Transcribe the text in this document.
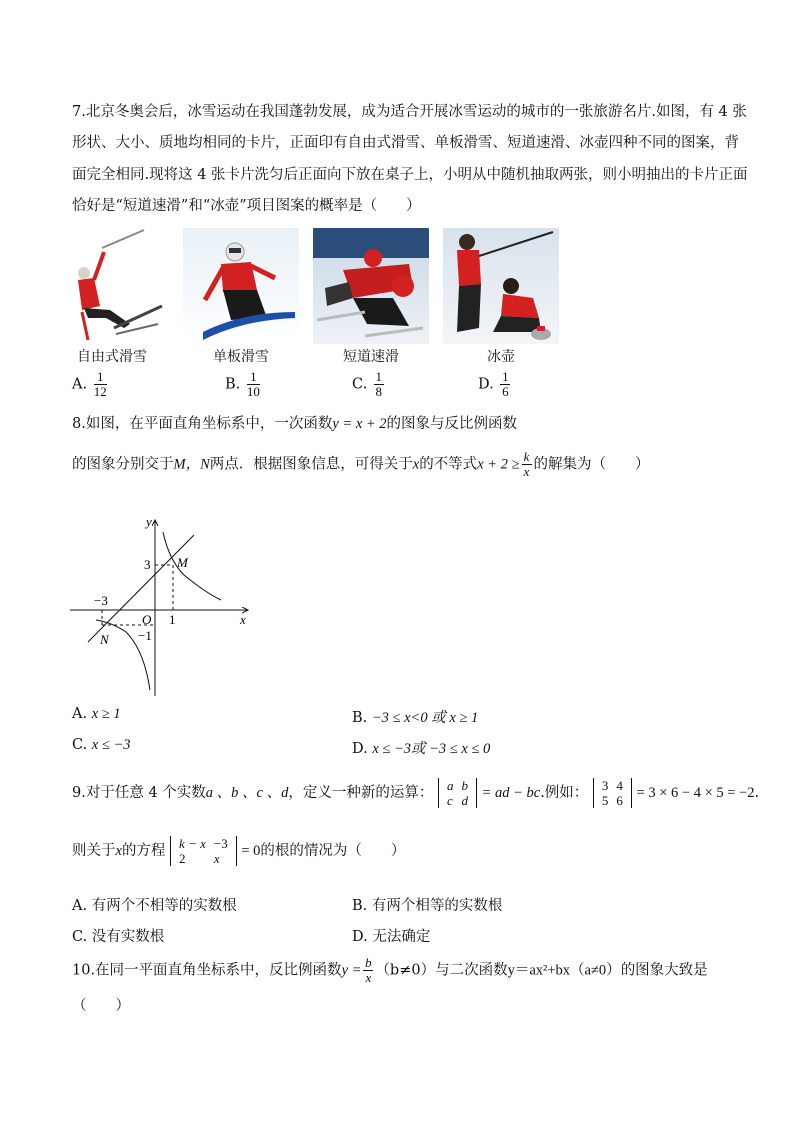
7.北京冬奥会后，冰雪运动在我国蓬勃发展，成为适合开展冰雪运动的城市的一张旅游名片.如图，有 4 张
形状、大小、质地均相同的卡片，正面印有自由式滑雪、单板滑雪、短道速滑、冰壶四种不同的图案，背
面完全相同.现将这 4 张卡片洗匀后正面向下放在桌子上，小明从中随机抽取两张，则小明抽出的卡片正面
恰好是“短道速滑”和“冰壶”项目图案的概率是（　　）
自由式滑雪	单板滑雪	短道速滑	冰壶
A. $\frac{1}{12}$	B. $\frac{1}{10}$	C. $\frac{1}{8}$	D. $\frac{1}{6}$
8.如图，在平面直角坐标系中，一次函数y = x + 2的图象与反比例函数
的图象分别交于M，N两点．根据图象信息，可得关于x的不等式$x + 2 \ge \frac{k}{x}$ 的解集为（　　）
y
x
O
3
1
−3
−1
M
N
A. x ≥ 1	B. −3 ≤ x<0 或 x ≥ 1
C. x ≤ −3	D. x ≤ −3或 −3 ≤ x ≤ 0
9.对于任意 4 个实数a 、b 、c 、d，定义一种新的运算： a	b
c	d = ad − bc.例如： 3	4
5	6 = 3 × 6 − 4 × 5 = −2.
则关于x的方程 k − x	−3
2	x = 0的根的情况为（　　）
A. 有两个不相等的实数根	B. 有两个相等的实数根
C. 没有实数根	D. 无法确定
10.在同一平面直角坐标系中，反比例函数$y = \frac{b}{x} (b\ne 0)$与二次函数y＝ax²+bx（a≠0）的图象大致是
（　　）
